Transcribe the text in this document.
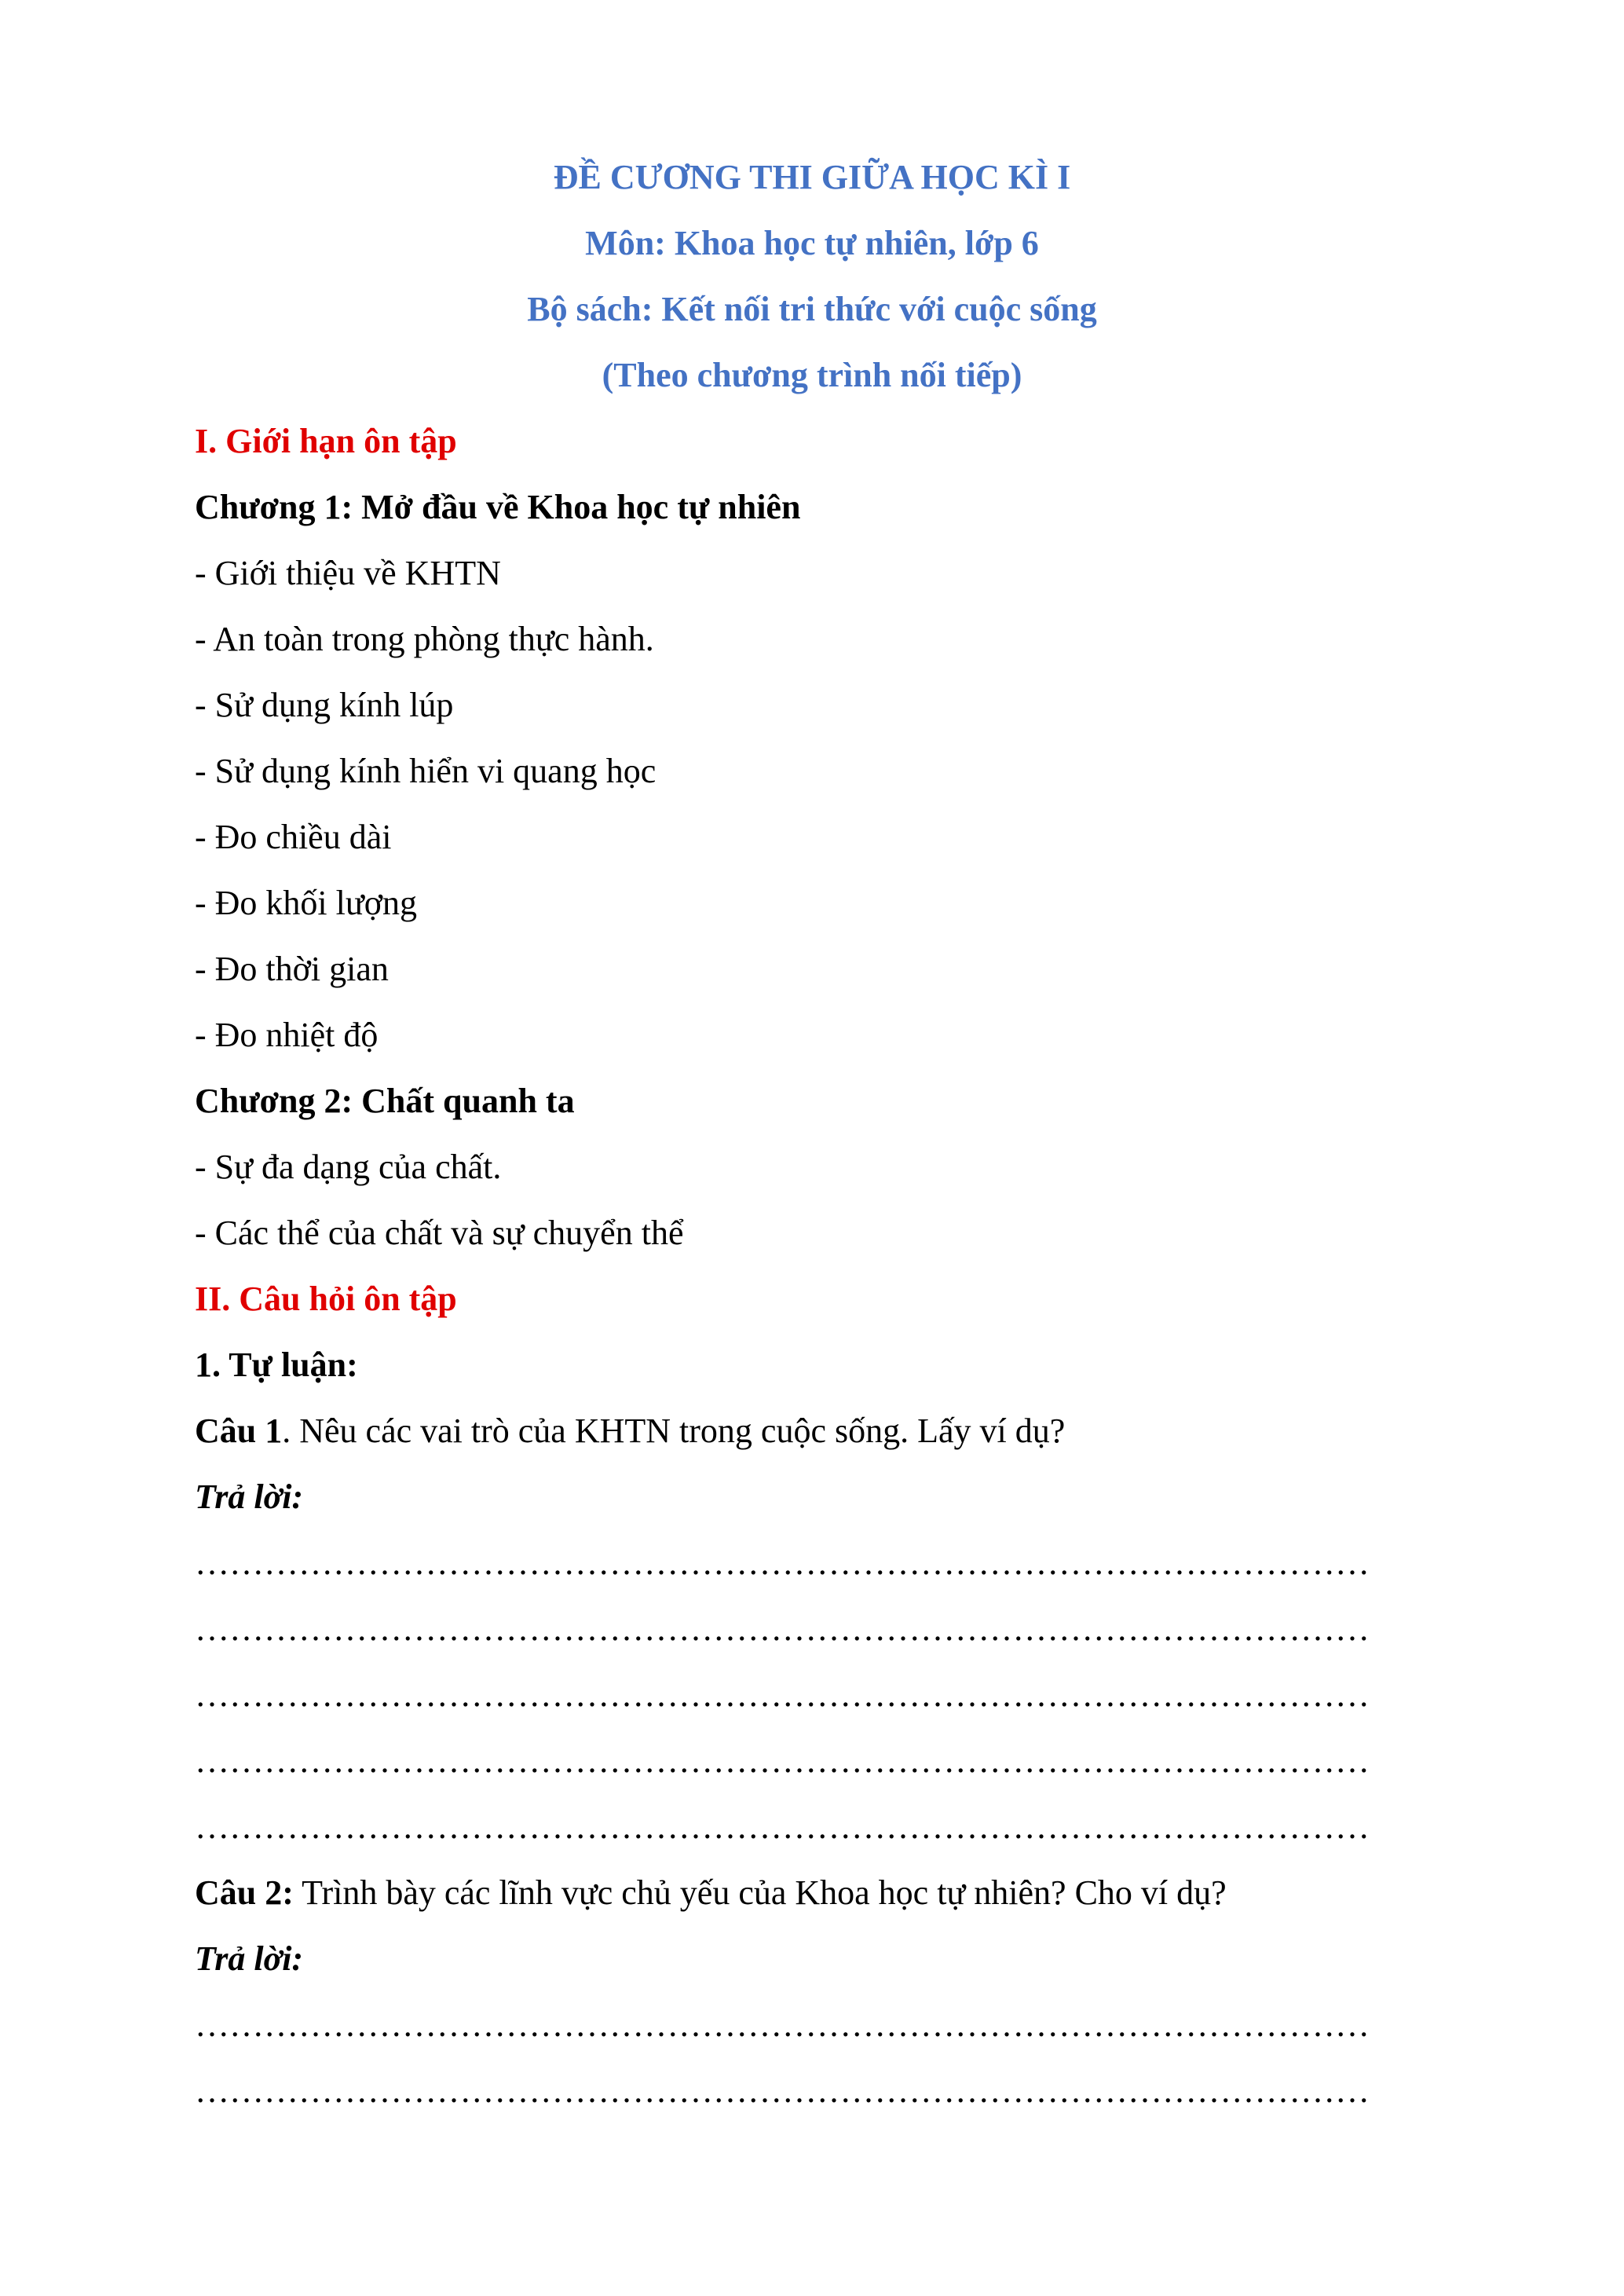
ĐỀ CƯƠNG THI GIỮA HỌC KÌ I
Môn: Khoa học tự nhiên, lớp 6
Bộ sách: Kết nối tri thức với cuộc sống
(Theo chương trình nối tiếp)
I. Giới hạn ôn tập
Chương 1: Mở đầu về Khoa học tự nhiên
- Giới thiệu về KHTN
- An toàn trong phòng thực hành.
- Sử dụng kính lúp
- Sử dụng kính hiển vi quang học
- Đo chiều dài
- Đo khối lượng
- Đo thời gian
- Đo nhiệt độ
Chương 2: Chất quanh ta
- Sự đa dạng của chất.
- Các thể của chất và sự chuyển thể
II. Câu hỏi ôn tập
1. Tự luận:
Câu 1. Nêu các vai trò của KHTN trong cuộc sống. Lấy ví dụ?
Trả lời:
…………………………………………………………………………………………
…………………………………………………………………………………………
…………………………………………………………………………………………
…………………………………………………………………………………………
…………………………………………………………………………………………
Câu 2: Trình bày các lĩnh vực chủ yếu của Khoa học tự nhiên? Cho ví dụ?
Trả lời:
…………………………………………………………………………………………
…………………………………………………………………………………………
